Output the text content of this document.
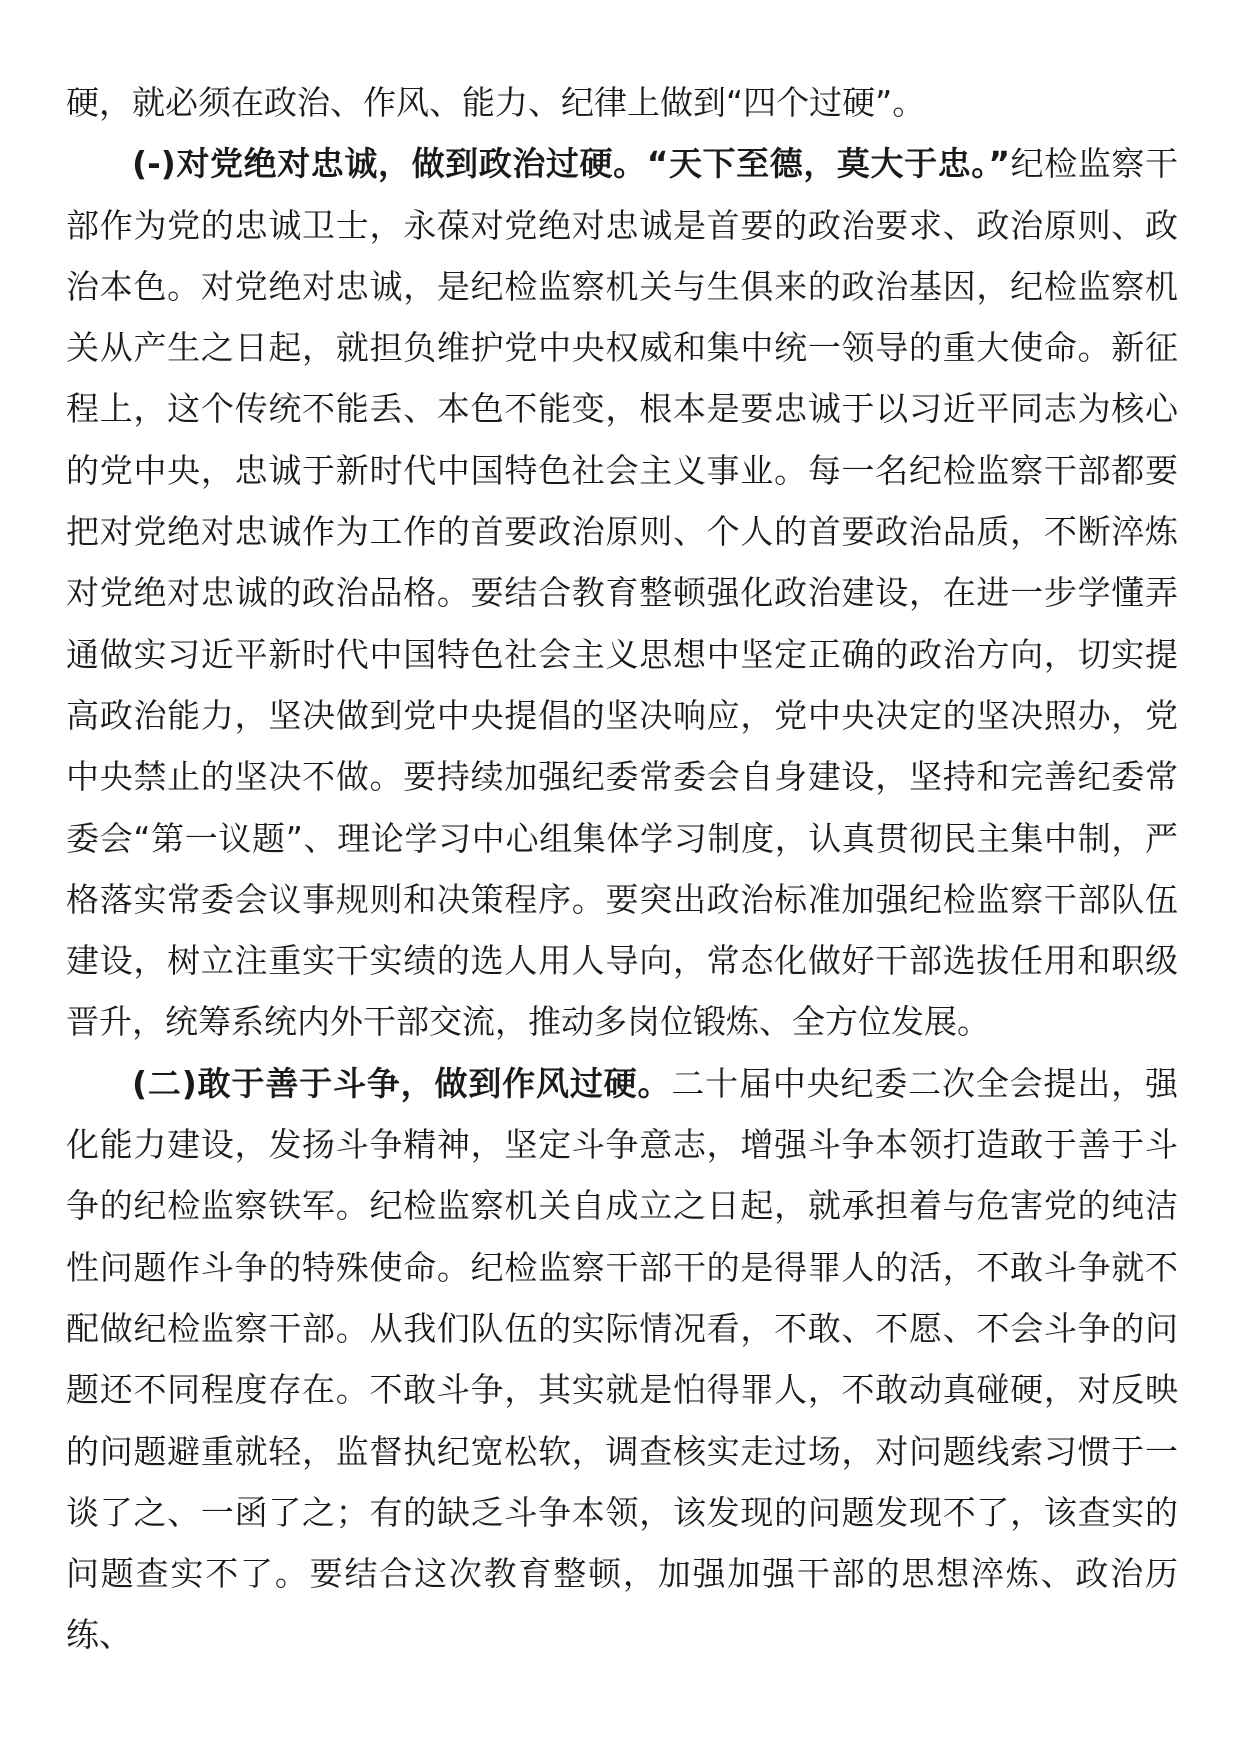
硬，就必须在政治、作风、能力、纪律上做到“四个过硬”。

(-)对党绝对忠诚，做到政治过硬。“天下至德，莫大于忠。”纪检监察干部作为党的忠诚卫士，永葆对党绝对忠诚是首要的政治要求、政治原则、政治本色。对党绝对忠诚，是纪检监察机关与生俱来的政治基因，纪检监察机关从产生之日起，就担负维护党中央权威和集中统一领导的重大使命。新征程上，这个传统不能丢、本色不能变，根本是要忠诚于以习近平同志为核心的党中央，忠诚于新时代中国特色社会主义事业。每一名纪检监察干部都要把对党绝对忠诚作为工作的首要政治原则、个人的首要政治品质，不断淬炼对党绝对忠诚的政治品格。要结合教育整顿强化政治建设，在进一步学懂弄通做实习近平新时代中国特色社会主义思想中坚定正确的政治方向，切实提高政治能力，坚决做到党中央提倡的坚决响应，党中央决定的坚决照办，党中央禁止的坚决不做。要持续加强纪委常委会自身建设，坚持和完善纪委常委会“第一议题”、理论学习中心组集体学习制度，认真贯彻民主集中制，严格落实常委会议事规则和决策程序。要突出政治标准加强纪检监察干部队伍建设，树立注重实干实绩的选人用人导向，常态化做好干部选拔任用和职级晋升，统筹系统内外干部交流，推动多岗位锻炼、全方位发展。

(二)敢于善于斗争，做到作风过硬。二十届中央纪委二次全会提出，强化能力建设，发扬斗争精神，坚定斗争意志，增强斗争本领打造敢于善于斗争的纪检监察铁军。纪检监察机关自成立之日起，就承担着与危害党的纯洁性问题作斗争的特殊使命。纪检监察干部干的是得罪人的活，不敢斗争就不配做纪检监察干部。从我们队伍的实际情况看，不敢、不愿、不会斗争的问题还不同程度存在。不敢斗争，其实就是怕得罪人，不敢动真碰硬，对反映的问题避重就轻，监督执纪宽松软，调查核实走过场，对问题线索习惯于一谈了之、一函了之；有的缺乏斗争本领，该发现的问题发现不了，该查实的问题查实不了。要结合这次教育整顿，加强加强干部的思想淬炼、政治历练、
